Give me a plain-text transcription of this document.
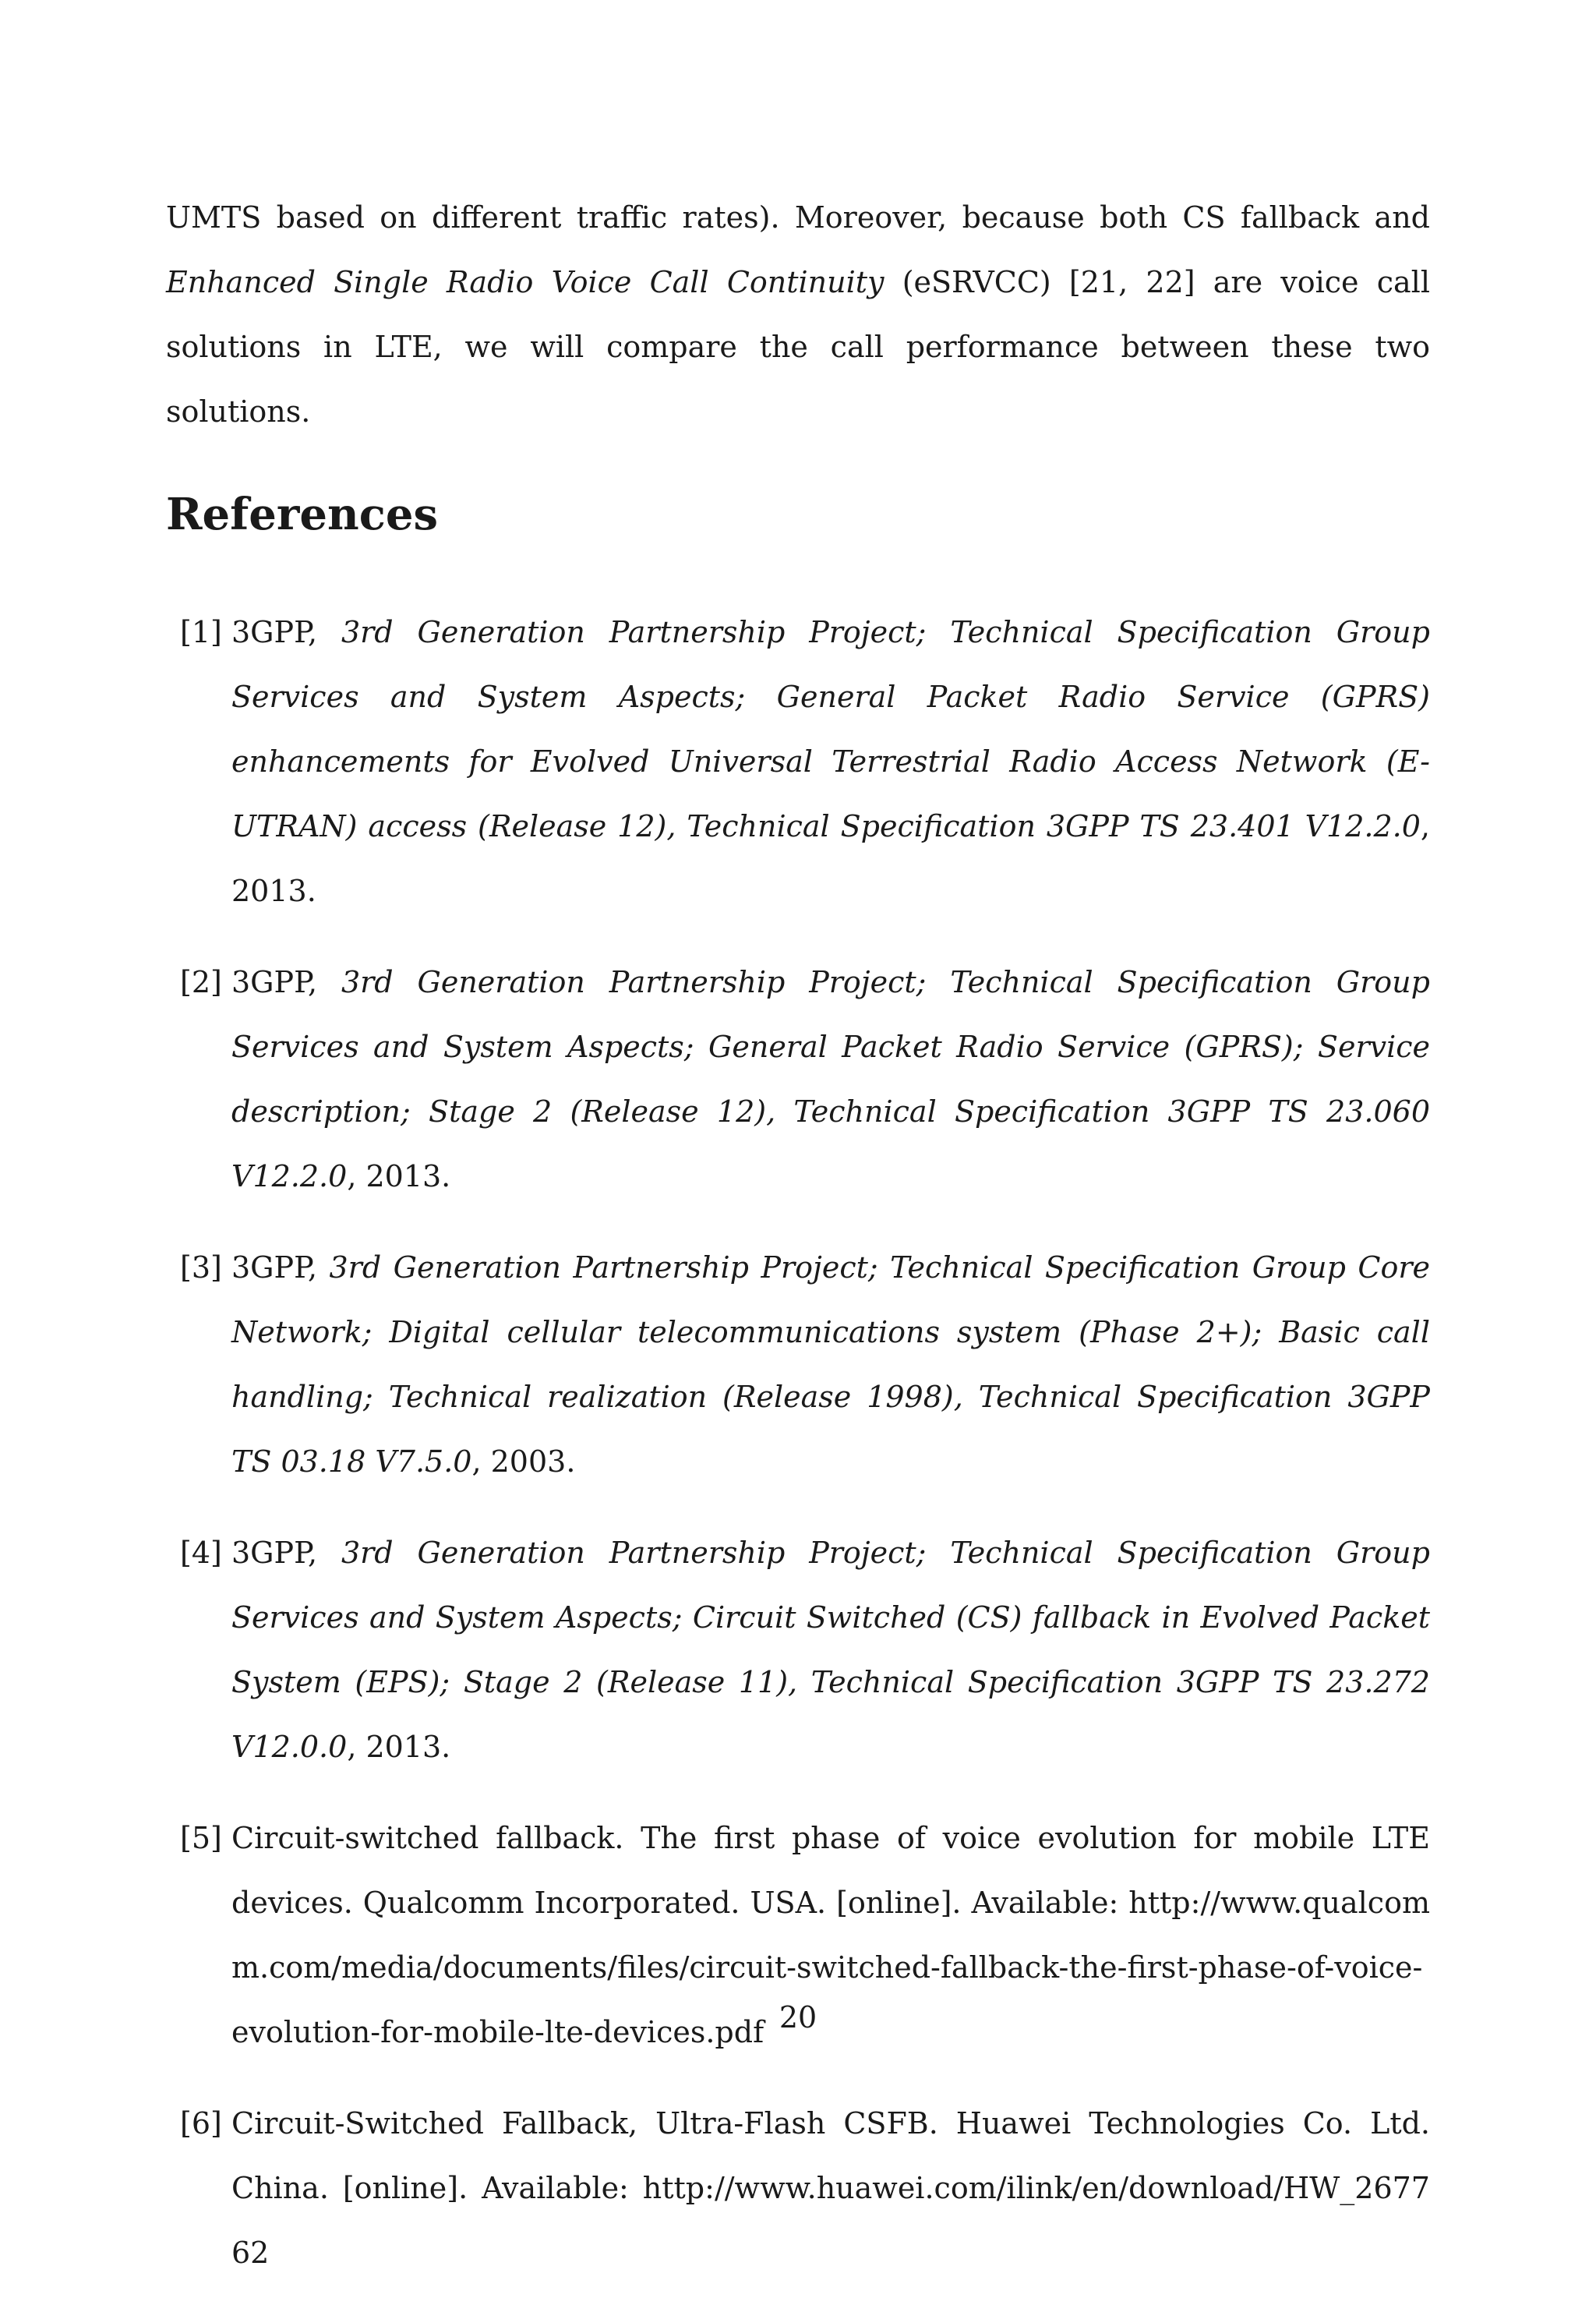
UMTS based on different traffic rates). Moreover, because both CS fallback and Enhanced Single Radio Voice Call Continuity (eSRVCC) [21, 22] are voice call solutions in LTE, we will compare the call performance between these two solutions.

References
[1] 3GPP, 3rd Generation Partnership Project; Technical Specification Group Services and System Aspects; General Packet Radio Service (GPRS) enhancements for Evolved Universal Terrestrial Radio Access Network (E-UTRAN) access (Release 12), Technical Specification 3GPP TS 23.401 V12.2.0, 2013.
[2] 3GPP, 3rd Generation Partnership Project; Technical Specification Group Services and System Aspects; General Packet Radio Service (GPRS); Service description; Stage 2 (Release 12), Technical Specification 3GPP TS 23.060 V12.2.0, 2013.
[3] 3GPP, 3rd Generation Partnership Project; Technical Specification Group Core Network; Digital cellular telecommunications system (Phase 2+); Basic call handling; Technical realization (Release 1998), Technical Specification 3GPP TS 03.18 V7.5.0, 2003.
[4] 3GPP, 3rd Generation Partnership Project; Technical Specification Group Services and System Aspects; Circuit Switched (CS) fallback in Evolved Packet System (EPS); Stage 2 (Release 11), Technical Specification 3GPP TS 23.272 V12.0.0, 2013.
[5] Circuit-switched fallback. The first phase of voice evolution for mobile LTE devices. Qualcomm Incorporated. USA. [online]. Available: http://www.qualcomm.com/media/documents/files/circuit-switched-fallback-the-first-phase-of-voice-evolution-for-mobile-lte-devices.pdf
[6] Circuit-Switched Fallback, Ultra-Flash CSFB. Huawei Technologies Co. Ltd. China. [online]. Available: http://www.huawei.com/ilink/en/download/HW_267762
20
